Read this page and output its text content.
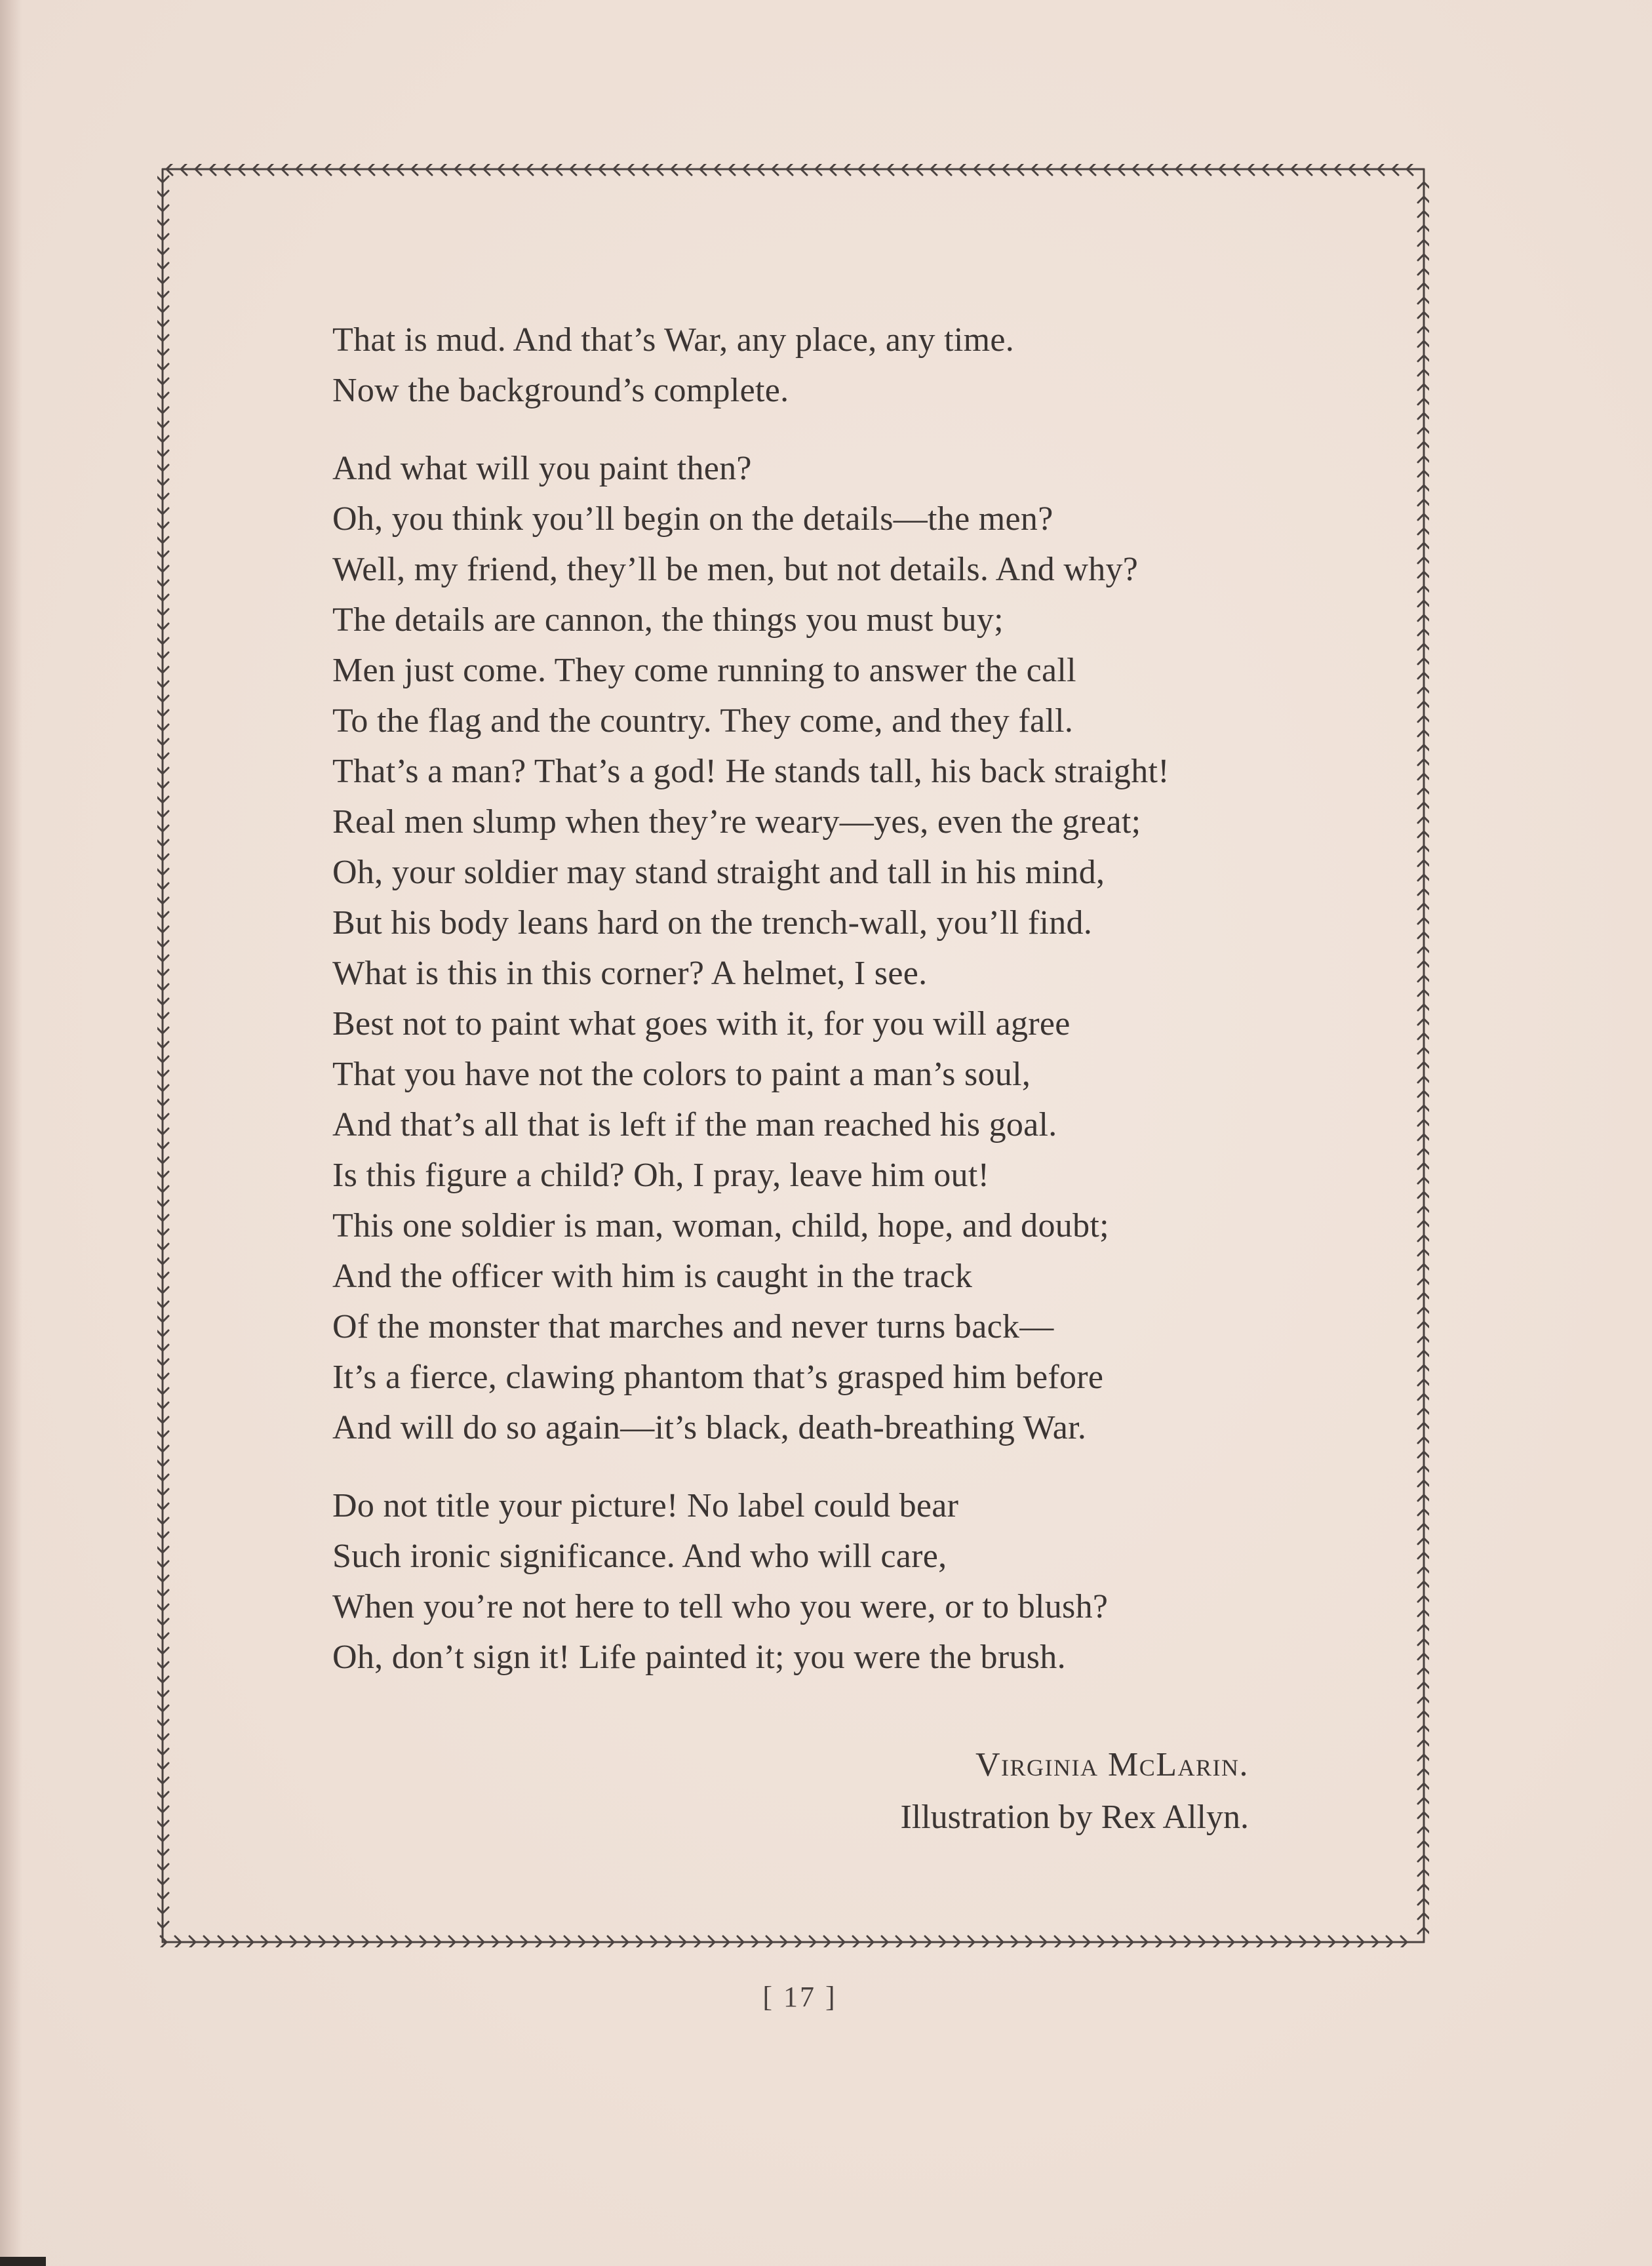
That is mud. And that’s War, any place, any time.
Now the background’s complete.
And what will you paint then?
Oh, you think you’ll begin on the details—the men?
Well, my friend, they’ll be men, but not details. And why?
The details are cannon, the things you must buy;
Men just come. They come running to answer the call
To the flag and the country. They come, and they fall.
That’s a man? That’s a god! He stands tall, his back straight!
Real men slump when they’re weary—yes, even the great;
Oh, your soldier may stand straight and tall in his mind,
But his body leans hard on the trench-wall, you’ll find.
What is this in this corner? A helmet, I see.
Best not to paint what goes with it, for you will agree
That you have not the colors to paint a man’s soul,
And that’s all that is left if the man reached his goal.
Is this figure a child? Oh, I pray, leave him out!
This one soldier is man, woman, child, hope, and doubt;
And the officer with him is caught in the track
Of the monster that marches and never turns back—
It’s a fierce, clawing phantom that’s grasped him before
And will do so again—it’s black, death-breathing War.
Do not title your picture! No label could bear
Such ironic significance. And who will care,
When you’re not here to tell who you were, or to blush?
Oh, don’t sign it! Life painted it; you were the brush.
Virginia McLarin.
Illustration by Rex Allyn.
[ 17 ]
